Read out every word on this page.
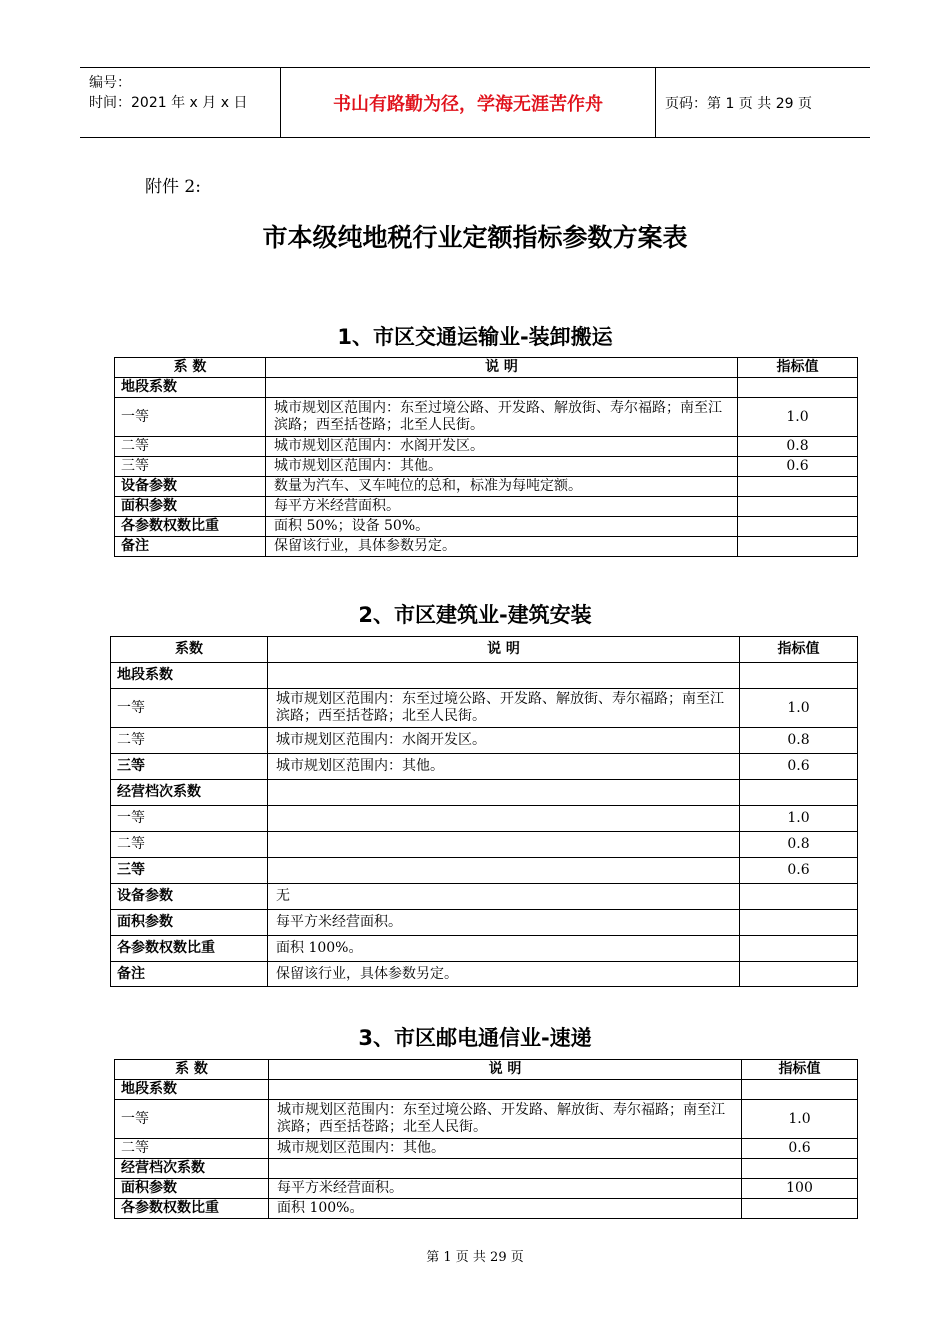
编号：
时间：2021 年 x 月 x 日	书山有路勤为径，学海无涯苦作舟	页码：第 1 页 共 29 页
附件 2:
市本级纯地税行业定额指标参数方案表
1、市区交通运输业-装卸搬运
系 数	说 明	指标值
地段系数		
一等	城市规划区范围内：东至过境公路、开发路、解放街、寿尔福路；南至江滨路；西至括苍路；北至人民街。	1.0
二等	城市规划区范围内：水阁开发区。	0.8
三等	城市规划区范围内：其他。	0.6
设备参数	数量为汽车、叉车吨位的总和，标准为每吨定额。	
面积参数	每平方米经营面积。	
各参数权数比重	面积 50%；设备 50%。	
备注	保留该行业，具体参数另定。	
2、市区建筑业-建筑安装
系数	说 明	指标值
地段系数		
一等	城市规划区范围内：东至过境公路、开发路、解放街、寿尔福路；南至江滨路；西至括苍路；北至人民街。	1.0
二等	城市规划区范围内：水阁开发区。	0.8
三等	城市规划区范围内：其他。	0.6
经营档次系数		
一等		1.0
二等		0.8
三等		0.6
设备参数	无	
面积参数	每平方米经营面积。	
各参数权数比重	面积 100%。	
备注	保留该行业，具体参数另定。	
3、市区邮电通信业-速递
系 数	说 明	指标值
地段系数		
一等	城市规划区范围内：东至过境公路、开发路、解放街、寿尔福路；南至江滨路；西至括苍路；北至人民街。	1.0
二等	城市规划区范围内：其他。	0.6
经营档次系数		
面积参数	每平方米经营面积。	100
各参数权数比重	面积 100%。	
第 1 页 共 29 页
